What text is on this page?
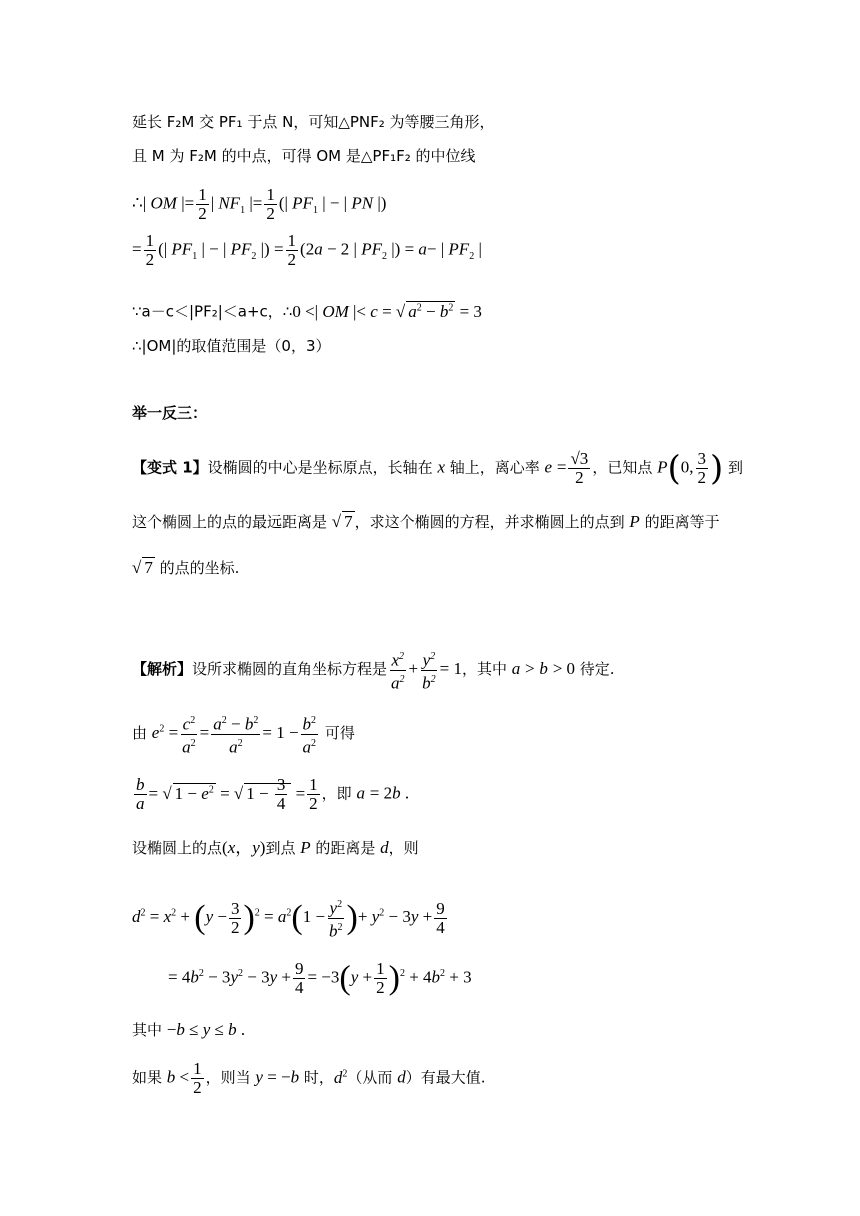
延长 F₂M 交 PF₁ 于点 N，可知△PNF₂ 为等腰三角形，
且 M 为 F₂M 的中点，可得 OM 是△PF₁F₂ 的中位线
∴| OM |= $\frac{1}{2}$ | $NF_1$ |= $\frac{1}{2}$ (| $PF_1$ | − | PN |)
= $\frac{1}{2}$ (| $PF_1$ | − | $PF_2$ |) = $\frac{1}{2} (2a - 2$ | $PF_2$ |) = a− | $PF_2$ |
∵a－c＜|PF₂|＜a+c，∴0 <| OM |< c = √ $a^2 - b^2 = 3$
∴|OM|的取值范围是（0，3）
举一反三：
【变式 1】设椭圆的中心是坐标原点，长轴在 x 轴上，离心率 $e = \frac{√3}{2}$ ，已知点 P(0, $\frac{3}{2}$ ) 到
这个椭圆上的点的最远距离是 √ 7 ，求这个椭圆的方程，并求椭圆上的点到 P 的距离等于
√ 7 的点的坐标.
【解析】设所求椭圆的直角坐标方程是 $\frac{x^2}{a^2} + \frac{y^2}{b^2} = 1$，其中 a > b > 0 待定.
由 $e^2 = \frac{c^2}{a^2} = \frac{a^2 - b^2}{a^2} = 1 - \frac{b^2}{a^2}$ 可得
$\frac{b}{a}$ = √ $1 - e^2$ = √ $1 - \frac{3}{4} = \frac{1}{2}$ ，即 a = 2b .
设椭圆上的点(x，y)到点 P 的距离是 d，则
$d^2 = x^2 + (y - \frac{3}{2} )^2 = a^2(1 - \frac{y^2}{b^2}$ )+ $y^2 - 3y + \frac{9}{4}$
= $4b^2 - 3y^2 - 3y + \frac{9}{4} = -3(y + \frac{1}{2} )^2 + 4b^2 + 3$
其中 −b ≤ y ≤ b .
如果 $b < \frac{1}{2}$ ，则当 y = −b 时，$d^2$（从而 d）有最大值.
